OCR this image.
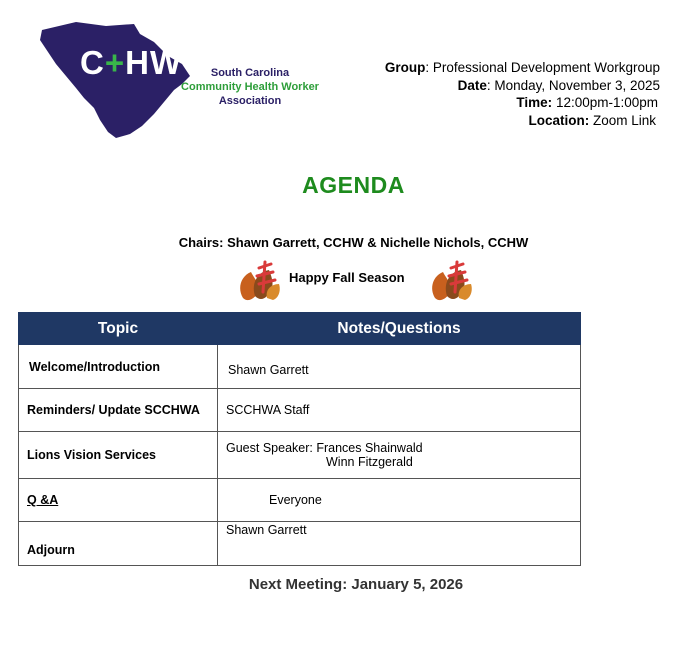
C+HW	South Carolina
Community Health Worker
Association
Group: Professional Development Workgroup
Date: Monday, November 3, 2025
Time: 12:00pm-1:00pm
Location: Zoom Link
AGENDA
Chairs: Shawn Garrett, CCHW & Nichelle Nichols, CCHW
Happy Fall Season
Topic	Notes/Questions
Welcome/Introduction	Shawn Garrett
Reminders/ Update SCCHWA	SCCHWA Staff
Lions Vision Services	Guest Speaker: Frances Shainwald
Winn Fitzgerald

Q &A	Everyone
Adjourn	Shawn Garrett
Next Meeting: January 5, 2026
